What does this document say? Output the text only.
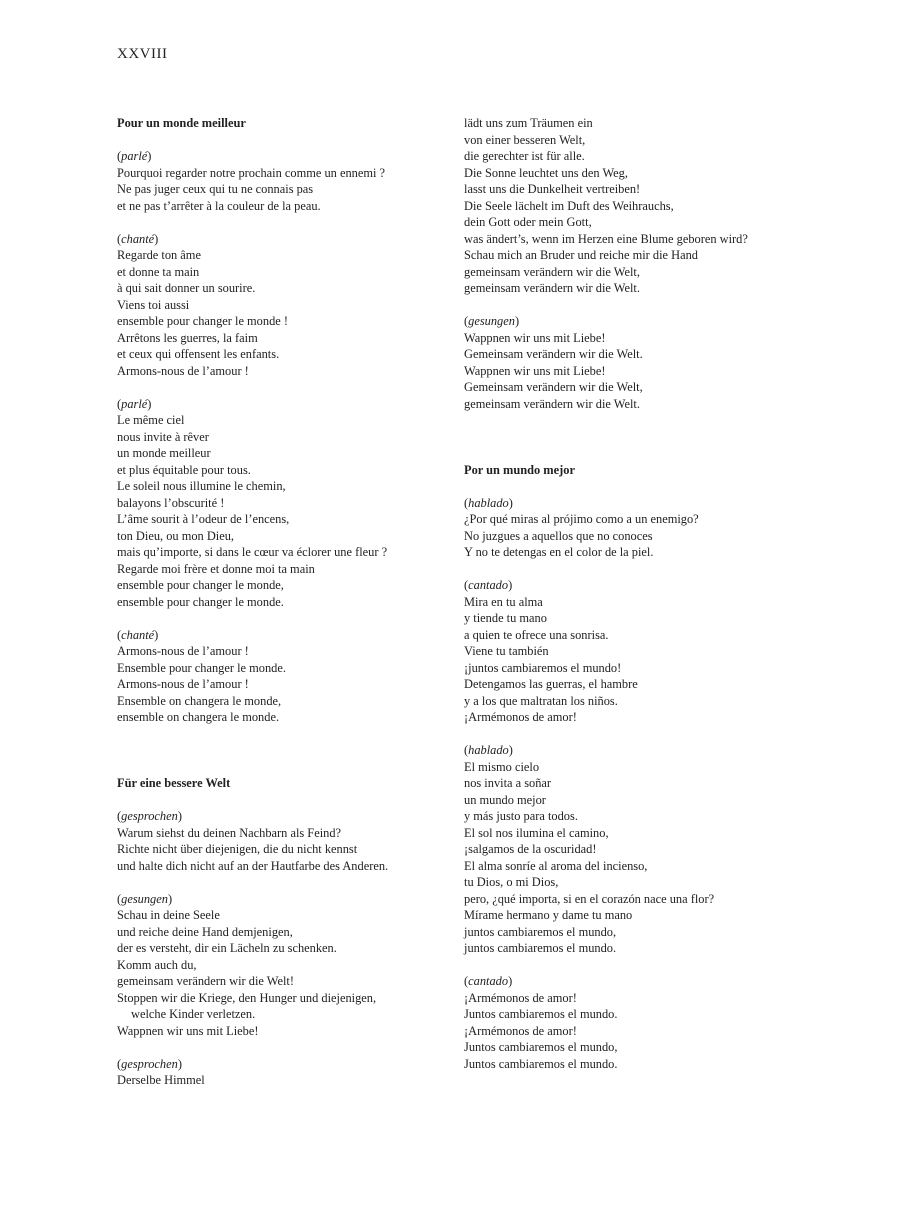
XXVIII
Pour un monde meilleur
(parlé)
Pourquoi regarder notre prochain comme un ennemi ?
Ne pas juger ceux qui tu ne connais pas
et ne pas t’arrêter à la couleur de la peau.
(chanté)
Regarde ton âme
et donne ta main
à qui sait donner un sourire.
Viens toi aussi
ensemble pour changer le monde !
Arrêtons les guerres, la faim
et ceux qui offensent les enfants.
Armons-nous de l’amour !
(parlé)
Le même ciel
nous invite à rêver
un monde meilleur
et plus équitable pour tous.
Le soleil nous illumine le chemin,
balayons l’obscurité !
L’âme sourit à l’odeur de l’encens,
ton Dieu, ou mon Dieu,
mais qu’importe, si dans le cœur va éclorer une fleur ?
Regarde moi frère et donne moi ta main
ensemble pour changer le monde,
ensemble pour changer le monde.
(chanté)
Armons-nous de l’amour !
Ensemble pour changer le monde.
Armons-nous de l’amour !
Ensemble on changera le monde,
ensemble on changera le monde.
Für eine bessere Welt
(gesprochen)
Warum siehst du deinen Nachbarn als Feind?
Richte nicht über diejenigen, die du nicht kennst
und halte dich nicht auf an der Hautfarbe des Anderen.
(gesungen)
Schau in deine Seele
und reiche deine Hand demjenigen,
der es versteht, dir ein Lächeln zu schenken.
Komm auch du,
gemeinsam verändern wir die Welt!
Stoppen wir die Kriege, den Hunger und diejenigen,
welche Kinder verletzen.
Wappnen wir uns mit Liebe!
(gesprochen)
Derselbe Himmel
lädt uns zum Träumen ein
von einer besseren Welt,
die gerechter ist für alle.
Die Sonne leuchtet uns den Weg,
lasst uns die Dunkelheit vertreiben!
Die Seele lächelt im Duft des Weihrauchs,
dein Gott oder mein Gott,
was ändert’s, wenn im Herzen eine Blume geboren wird?
Schau mich an Bruder und reiche mir die Hand
gemeinsam verändern wir die Welt,
gemeinsam verändern wir die Welt.
(gesungen)
Wappnen wir uns mit Liebe!
Gemeinsam verändern wir die Welt.
Wappnen wir uns mit Liebe!
Gemeinsam verändern wir die Welt,
gemeinsam verändern wir die Welt.
Por un mundo mejor
(hablado)
¿Por qué miras al prójimo como a un enemigo?
No juzgues a aquellos que no conoces
Y no te detengas en el color de la piel.
(cantado)
Mira en tu alma
y tiende tu mano
a quien te ofrece una sonrisa.
Viene tu también
¡juntos cambiaremos el mundo!
Detengamos las guerras, el hambre
y a los que maltratan los niños.
¡Armémonos de amor!
(hablado)
El mismo cielo
nos invita a soñar
un mundo mejor
y más justo para todos.
El sol nos ilumina el camino,
¡salgamos de la oscuridad!
El alma sonríe al aroma del incienso,
tu Dios, o mi Dios,
pero, ¿qué importa, si en el corazón nace una flor?
Mírame hermano y dame tu mano
juntos cambiaremos el mundo,
juntos cambiaremos el mundo.
(cantado)
¡Armémonos de amor!
Juntos cambiaremos el mundo.
¡Armémonos de amor!
Juntos cambiaremos el mundo,
Juntos cambiaremos el mundo.
